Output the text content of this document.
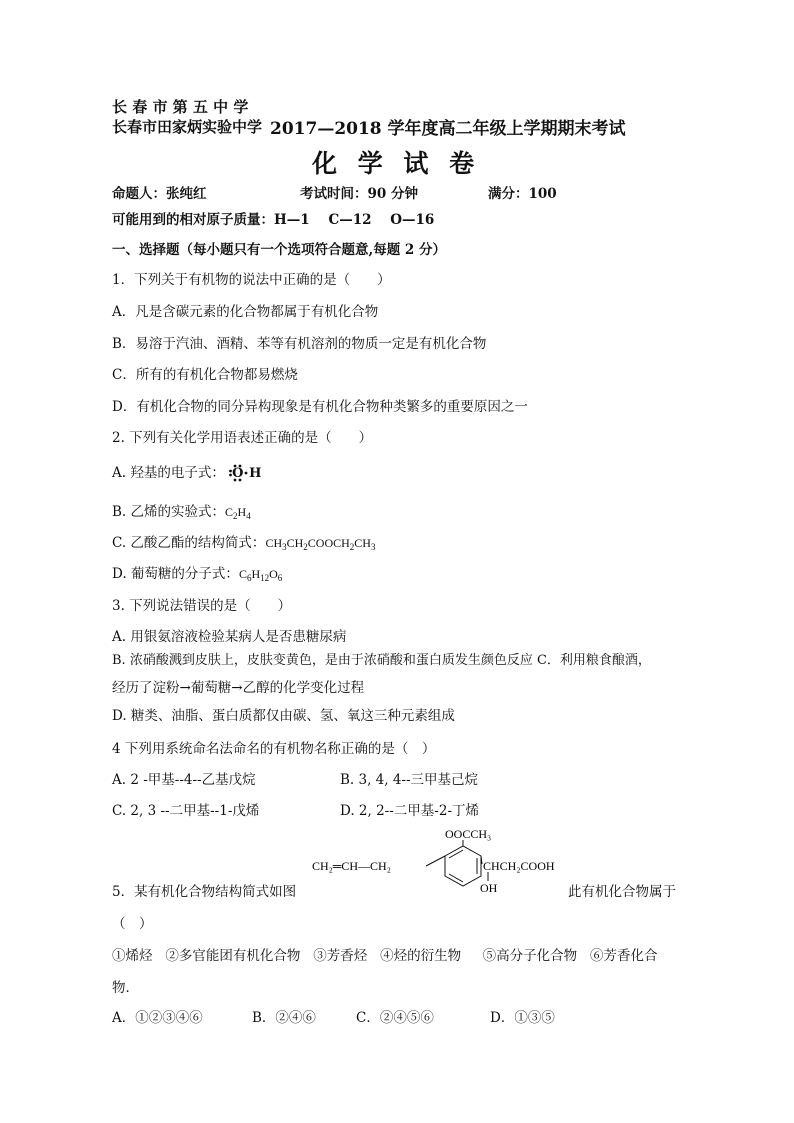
长 春 市 第 五 中 学
长春市田家炳实验中学 2017—2018 学年度高二年级上学期期末考试
化 学 试 卷
命题人：张纯红	考试时间：90 分钟	满分：100
可能用到的相对原子质量：H—1    C—12    O—16
一、选择题（每小题只有一个选项符合题意,每题 2 分）
1．下列关于有机物的说法中正确的是（　　）
A．凡是含碳元素的化合物都属于有机化合物
B．易溶于汽油、酒精、苯等有机溶剂的物质一定是有机化合物
C．所有的有机化合物都易燃烧
D．有机化合物的同分异构现象是有机化合物种类繁多的重要原因之一
2. 下列有关化学用语表述正确的是（　　）
A. 羟基的电子式： O H
B. 乙烯的实验式：$C_2H_4$
C. 乙酸乙酯的结构简式：$CH_3CH_2COOCH_2CH_3$
D. 葡萄糖的分子式：$C_6H_{12}O_6$
3. 下列说法错误的是（　　）
A. 用银氨溶液检验某病人是否患糖尿病
B. 浓硝酸溅到皮肤上，皮肤变黄色，是由于浓硝酸和蛋白质发生颜色反应 C．利用粮食酿酒，
经历了淀粉→葡萄糖→乙醇的化学变化过程
D. 糖类、油脂、蛋白质都仅由碳、氢、氧这三种元素组成
4 下列用系统命名法命名的有机物名称正确的是（　）
A. 2 -甲基--4--乙基戊烷	B. 3, 4, 4--三甲基己烷
C. 2, 3 --二甲基--1-戊烯	D. 2, 2--二甲基-2-丁烯
CH₂═CH—CH₂
OOCCH₃
CHCH₂COOH
OH
5．某有机化合物结构简式如图	此有机化合物属于
（　）
①烯烃   ②多官能团有机化合物   ③芳香烃   ④烃的衍生物     ⑤高分子化合物   ⑥芳香化合
物．
A．①②③④⑥	B．②④⑥	C．②④⑤⑥	D．①③⑤
